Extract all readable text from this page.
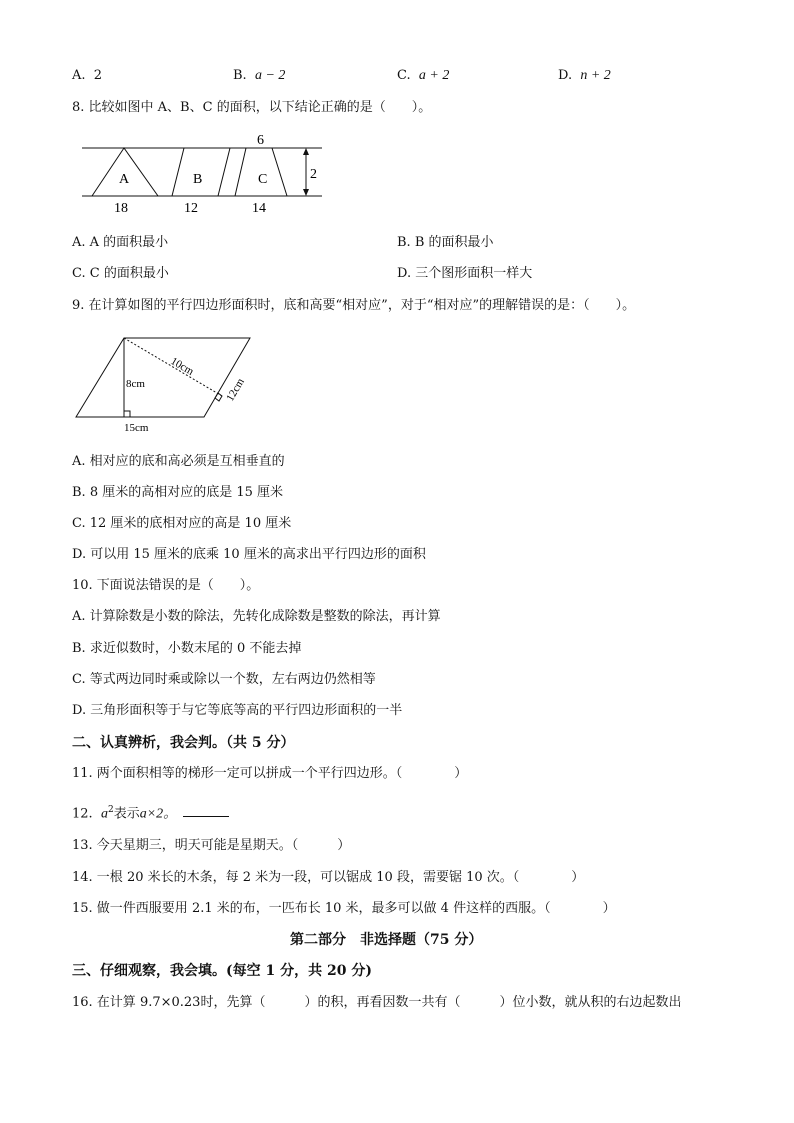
A. 2	B. a − 2	C. a + 2	D. n + 2
8. 比较如图中 A、B、C 的面积，以下结论正确的是（　　）。
6
2
A	B	C
18	12	14
A. A 的面积最小	B. B 的面积最小
C. C 的面积最小	D. 三个图形面积一样大
9. 在计算如图的平行四边形面积时，底和高要“相对应”，对于“相对应”的理解错误的是：（　　）。
10cm
8cm	12cm
15cm
A. 相对应的底和高必须是互相垂直的
B. 8 厘米的高相对应的底是 15 厘米
C. 12 厘米的底相对应的高是 10 厘米
D. 可以用 15 厘米的底乘 10 厘米的高求出平行四边形的面积
10. 下面说法错误的是（　　）。
A. 计算除数是小数的除法，先转化成除数是整数的除法，再计算
B. 求近似数时，小数末尾的 0 不能去掉
C. 等式两边同时乘或除以一个数，左右两边仍然相等
D. 三角形面积等于与它等底等高的平行四边形面积的一半
二、认真辨析，我会判。（共 5 分）
11. 两个面积相等的梯形一定可以拼成一个平行四边形。（　　　　）
12. $a^2$表示a×2。
13. 今天星期三，明天可能是星期天。（　　　）
14. 一根 20 米长的木条，每 2 米为一段，可以锯成 10 段，需要锯 10 次。（　　　　）
15. 做一件西服要用 2.1 米的布，一匹布长 10 米，最多可以做 4 件这样的西服。（　　　　）
第二部分　非选择题（75 分）
三、仔细观察，我会填。(每空 1 分，共 20 分)
16. 在计算 9.7×0.23时，先算（　　　）的积，再看因数一共有（　　　）位小数，就从积的右边起数出
